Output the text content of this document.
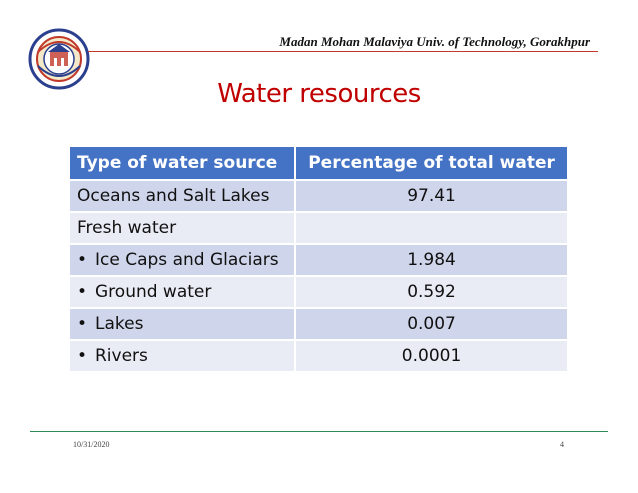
Madan Mohan Malaviya Univ. of Technology, Gorakhpur
Water resources
Type of water source	Percentage of total water
Oceans and Salt Lakes	97.41
Fresh water	
• Ice Caps and Glaciars	1.984
• Ground water	0.592
• Lakes	0.007
• Rivers	0.0001
10/31/2020	4
